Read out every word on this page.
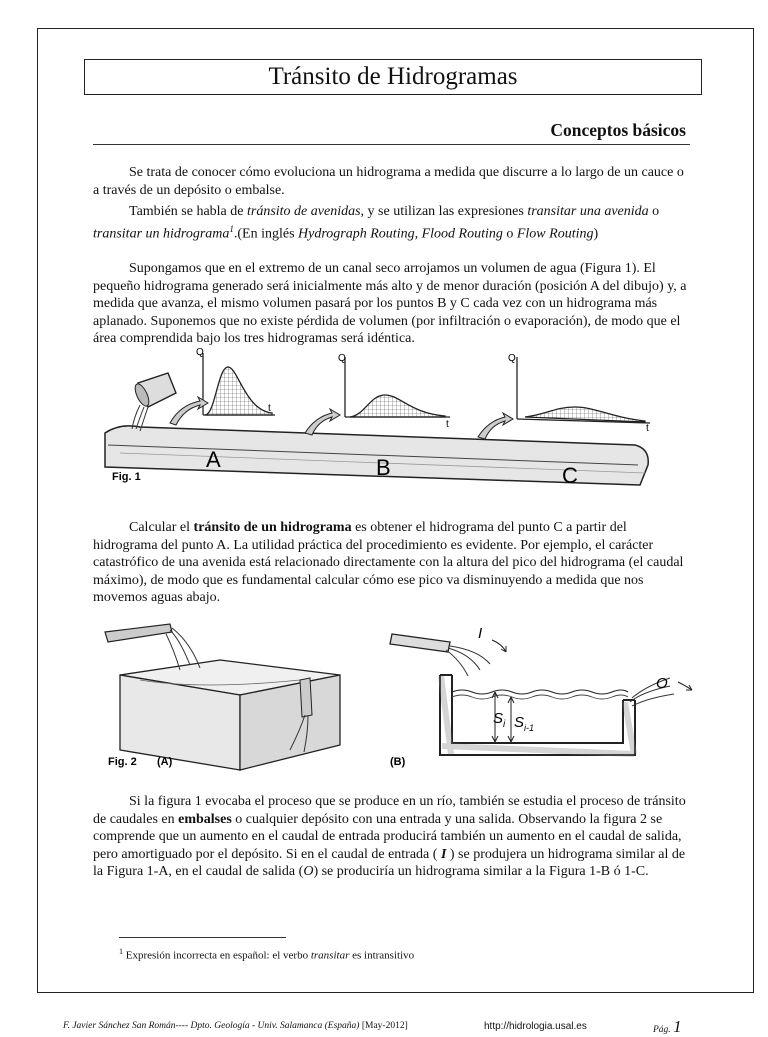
Tránsito de Hidrogramas
Conceptos básicos

Se trata de conocer cómo evoluciona un hidrograma a medida que discurre a lo largo de un cauce o a través de un depósito o embalse.

También se habla de tránsito de avenidas, y se utilizan las expresiones transitar una avenida o transitar un hidrograma$^1$.(En inglés Hydrograph Routing, Flood Routing o Flow Routing)

Supongamos que en el extremo de un canal seco arrojamos un volumen de agua (Figura 1). El pequeño hidrograma generado será inicialmente más alto y de menor duración (posición A del dibujo) y, a medida que avanza, el mismo volumen pasará por los puntos B y C cada vez con un hidrograma más aplanado. Suponemos que no existe pérdida de volumen (por infiltración o evaporación), de modo que el área comprendida bajo los tres hidrogramas será idéntica.

Q
t
Q
t
Q
t
A	B	C
Fig. 1

Calcular el tránsito de un hidrograma es obtener el hidrograma del punto C a partir del hidrograma del punto A. La utilidad práctica del procedimiento es evidente. Por ejemplo, el carácter catastrófico de una avenida está relacionado directamente con la altura del pico del hidrograma (el caudal máximo), de modo que es fundamental calcular cómo ese pico va disminuyendo a medida que nos movemos aguas abajo.

Fig. 2 (A)
I
$S_i$ $S_{i-1}$
O
(B)

Si la figura 1 evocaba el proceso que se produce en un río, también se estudia el proceso de tránsito de caudales en embalses o cualquier depósito con una entrada y una salida. Observando la figura 2 se comprende que un aumento en el caudal de entrada producirá también un aumento en el caudal de salida, pero amortiguado por el depósito. Si en el caudal de entrada ( I ) se produjera un hidrograma similar al de la Figura 1-A, en el caudal de salida (O) se produciría un hidrograma similar a la Figura 1-B ó 1-C.

$^1$ Expresión incorrecta en español: el verbo transitar es intransitivo
F. Javier Sánchez San Román---- Dpto. Geología - Univ. Salamanca (España) [May-2012]	http://hidrologia.usal.es	Pág. 1
